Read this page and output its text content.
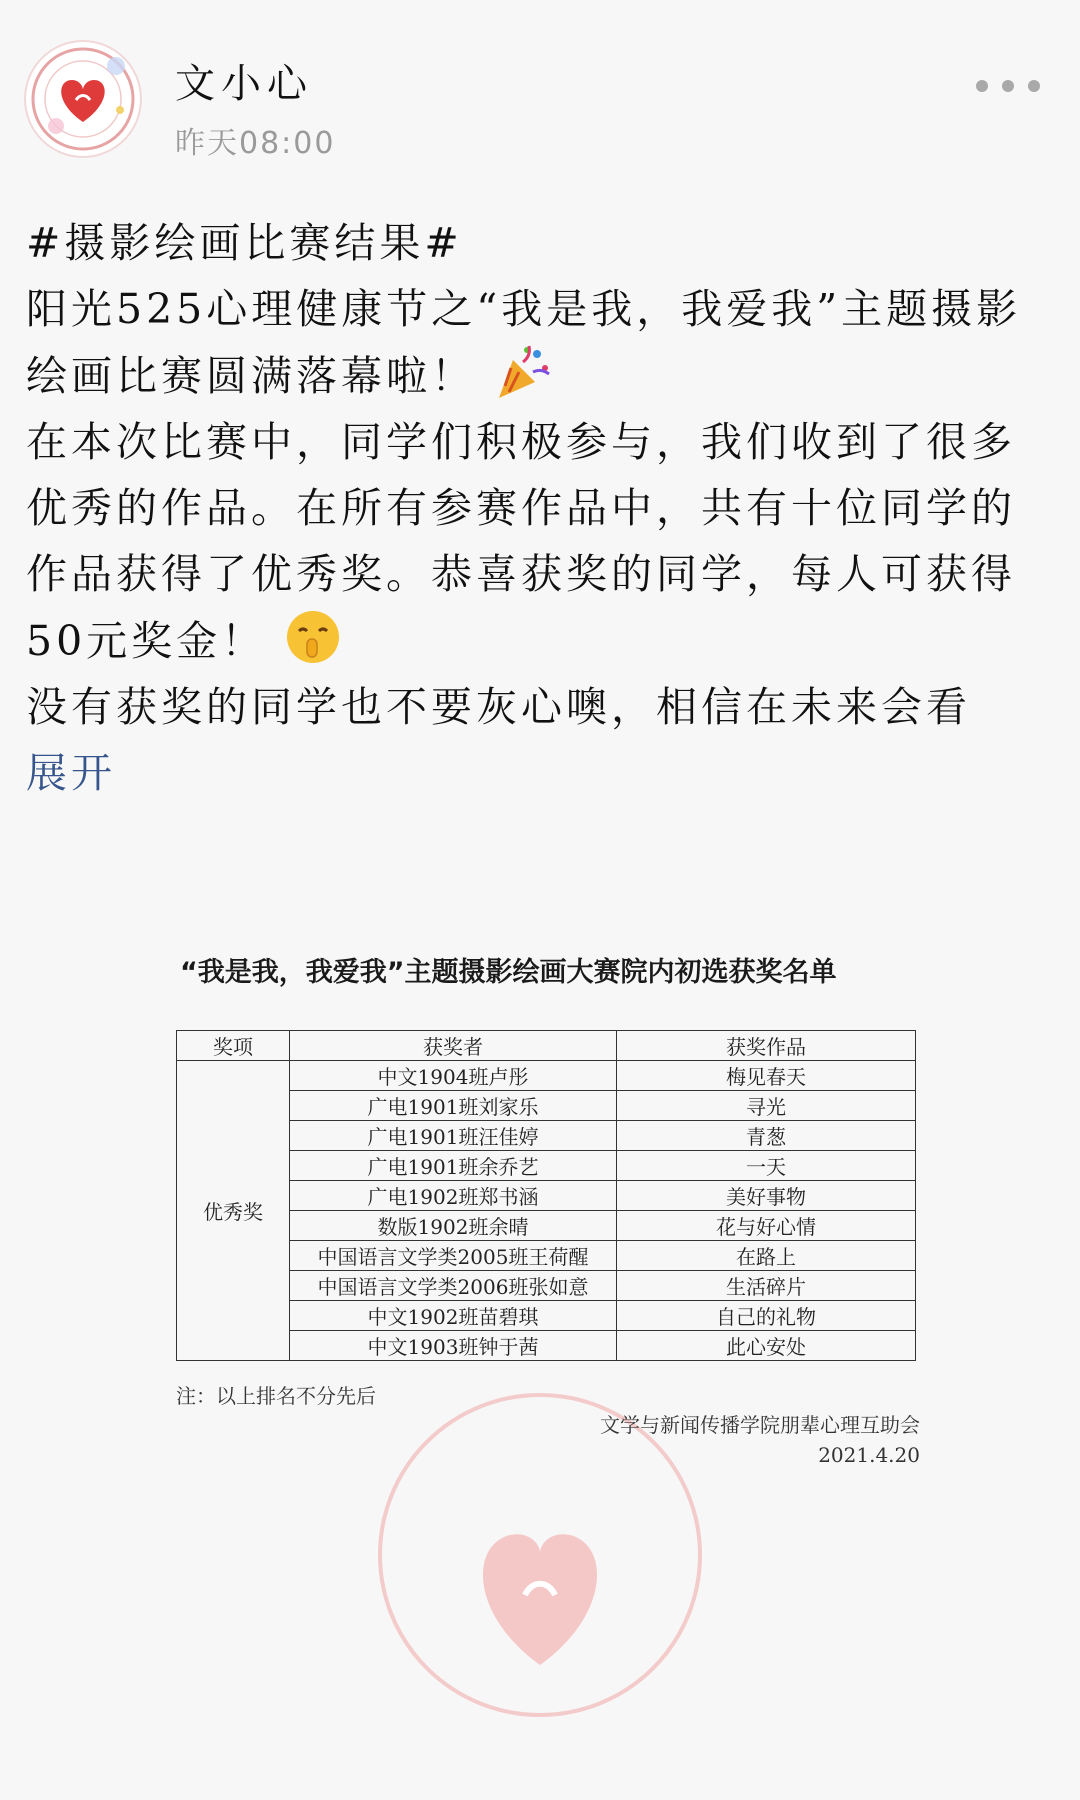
文小心
昨天08:00

#摄影绘画比赛结果#

阳光525心理健康节之“我是我，我爱我”主题摄影绘画比赛圆满落幕啦！

在本次比赛中，同学们积极参与，我们收到了很多优秀的作品。在所有参赛作品中，共有十位同学的作品获得了优秀奖。恭喜获奖的同学，每人可获得50元奖金！

没有获奖的同学也不要灰心噢，相信在未来会看

展开

“我是我，我爱我”主题摄影绘画大赛院内初选获奖名单
奖项	获奖者	获奖作品
优秀奖	中文1904班卢彤	梅见春天
	广电1901班刘家乐	寻光
	广电1901班汪佳婷	青葱
	广电1901班余乔艺	一天
	广电1902班郑书涵	美好事物
	数版1902班余晴	花与好心情
	中国语言文学类2005班王荷醒	在路上
	中国语言文学类2006班张如意	生活碎片
	中文1902班苗碧琪	自己的礼物
	中文1903班钟于茜	此心安处
注：以上排名不分先后
文学与新闻传播学院朋辈心理互助会
2021.4.20
